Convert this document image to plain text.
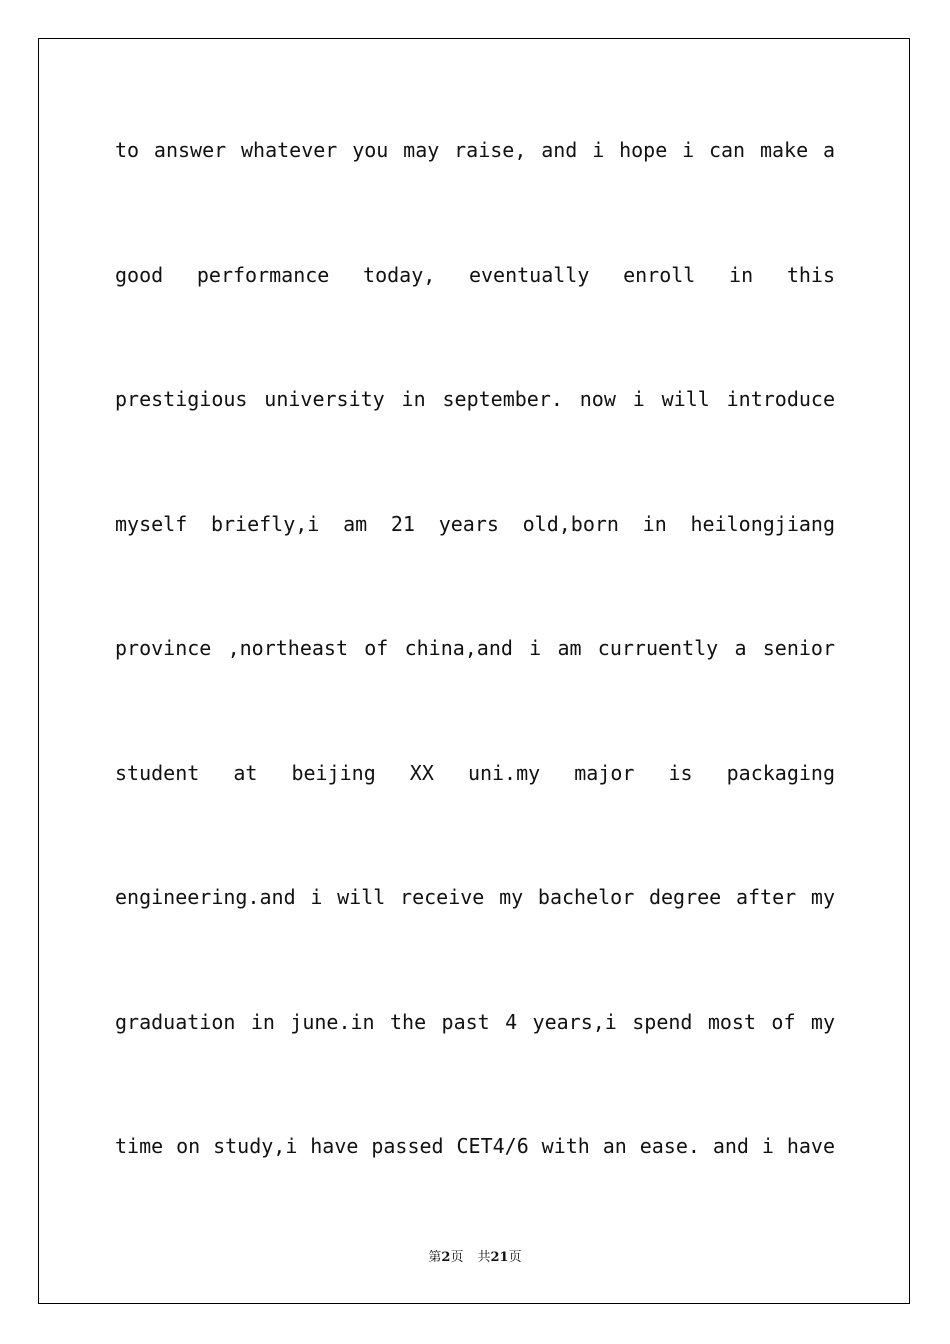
to answer whatever you may raise, and i hope i can make a
good performance today, eventually enroll in this
prestigious university in september. now i will introduce
myself briefly,i am 21 years old,born in heilongjiang
province ,northeast of china,and i am curruently a senior
student at beijing XX uni.my major is packaging
engineering.and i will receive my bachelor degree after my
graduation in june.in the past 4 years,i spend most of my
time on study,i have passed CET4/6 with an ease. and i have
第2页 共21页
